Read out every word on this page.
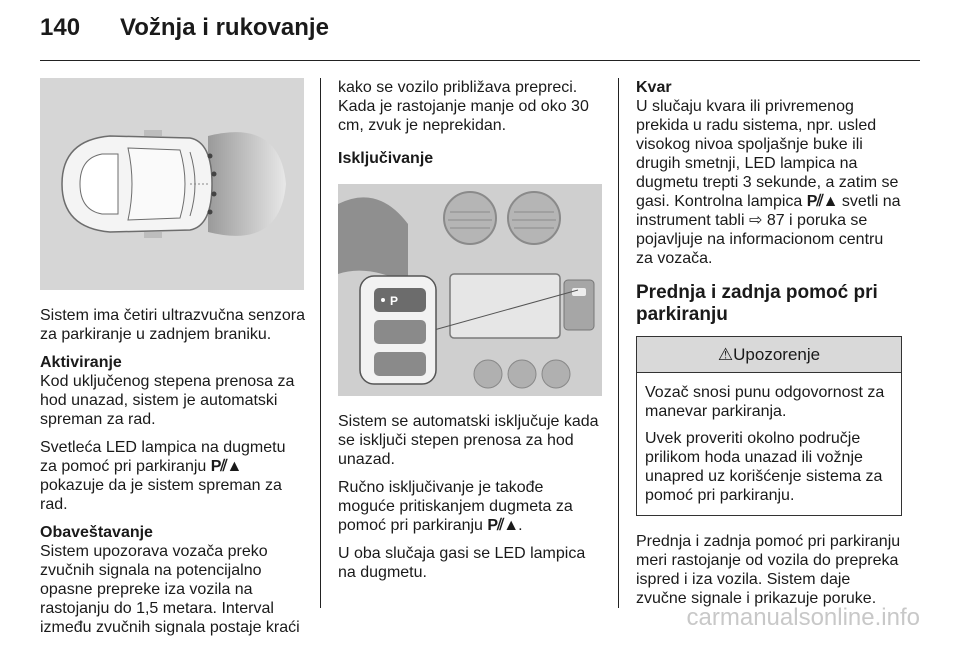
140	Vožnja i rukovanje

Sistem ima četiri ultrazvučna senzora za parkiranje u zadnjem braniku.

Aktiviranje

Kod uključenog stepena prenosa za hod unazad, sistem je automatski spreman za rad.

Svetleća LED lampica na dugmetu za pomoć pri parkiranju P⫽▲ pokazuje da je sistem spreman za rad.

Obaveštavanje

Sistem upozorava vozača preko zvučnih signala na potencijalno opasne prepreke iza vozila na rastojanju do 1,5 metara. Interval između zvučnih signala postaje kraći

kako se vozilo približava prepreci. Kada je rastojanje manje od oko 30 cm, zvuk je neprekidan.

Isključivanje
P

Sistem se automatski isključuje kada se isključi stepen prenosa za hod unazad.

Ručno isključivanje je takođe moguće pritiskanjem dugmeta za pomoć pri parkiranju P⫽▲.

U oba slučaja gasi se LED lampica na dugmetu.

Kvar

U slučaju kvara ili privremenog prekida u radu sistema, npr. usled visokog nivoa spoljašnje buke ili drugih smetnji, LED lampica na dugmetu trepti 3 sekunde, a zatim se gasi. Kontrolna lampica P⫽▲ svetli na instrument tabli ⇨ 87 i poruka se pojavljuje na informacionom centru za vozača.

Prednja i zadnja pomoć pri parkiranju
⚠Upozorenje

Vozač snosi punu odgovornost za manevar parkiranja.

Uvek proveriti okolno područje prilikom hoda unazad ili vožnje unapred uz korišćenje sistema za pomoć pri parkiranju.

Prednja i zadnja pomoć pri parkiranju meri rastojanje od vozila do prepreka ispred i iza vozila. Sistem daje zvučne signale i prikazuje poruke.

carmanualsonline.info
